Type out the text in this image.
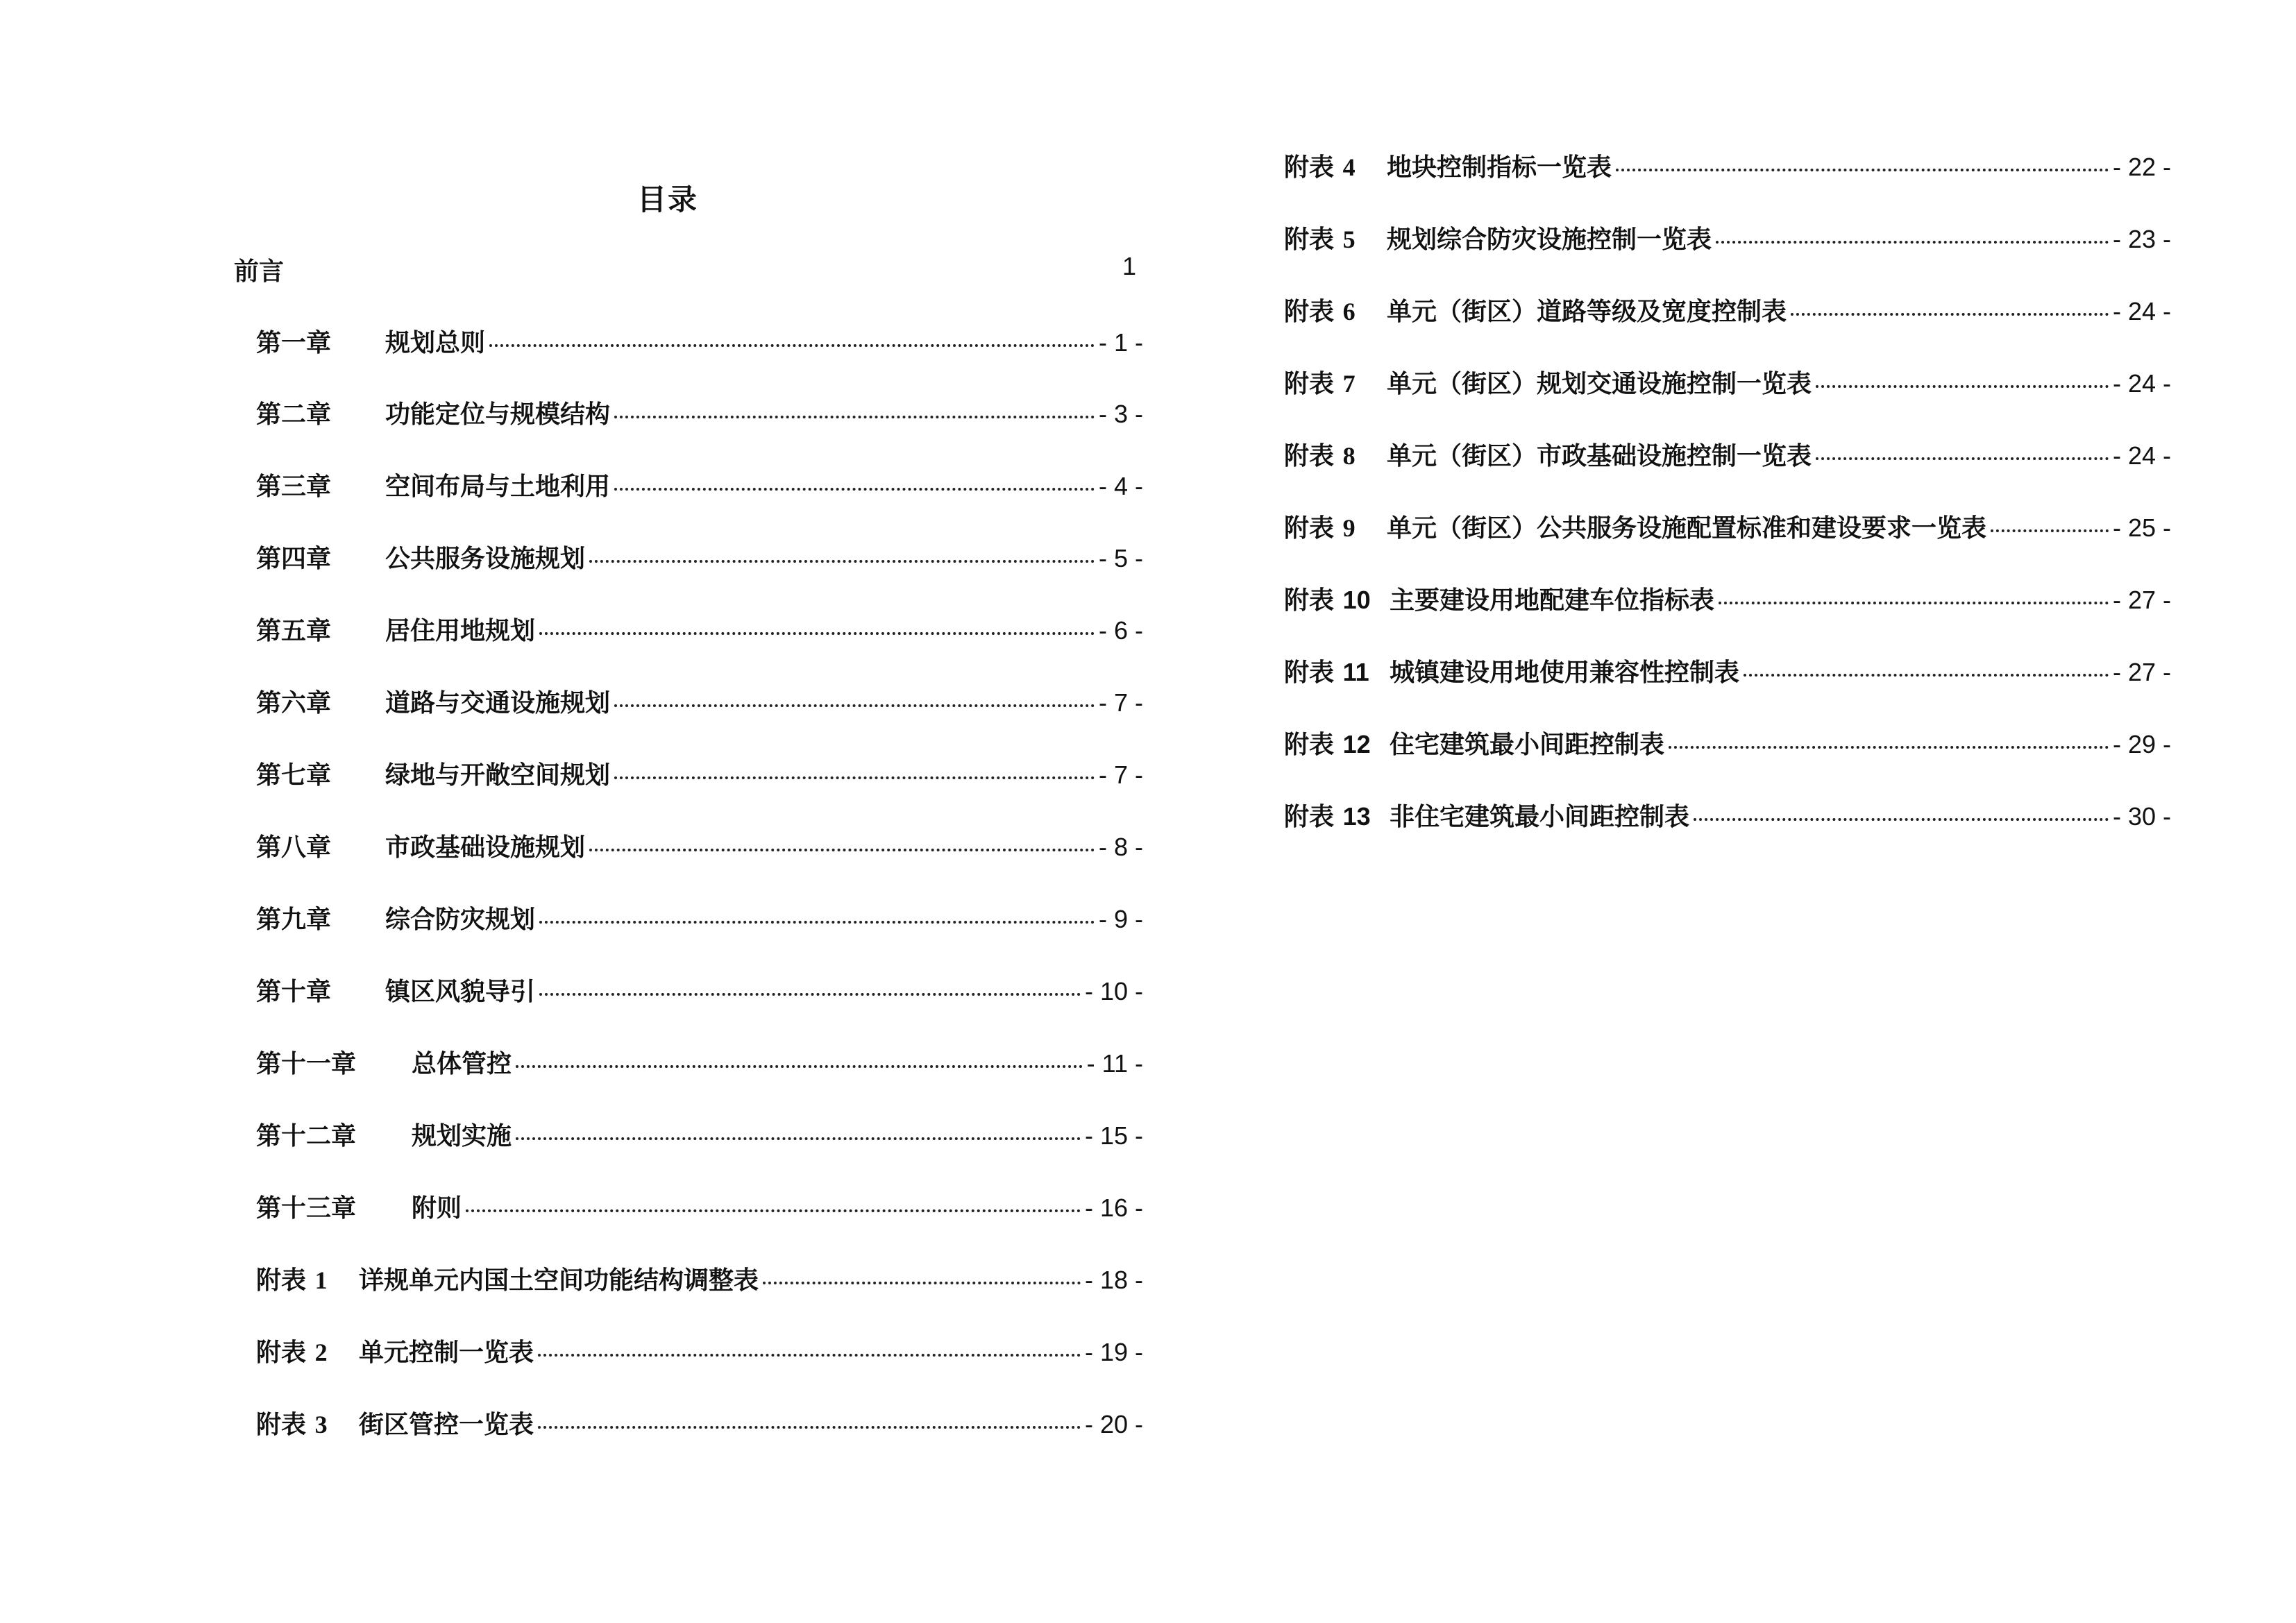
目录
前言	1
第一章	规划总则	- 1 -
第二章	功能定位与规模结构	- 3 -
第三章	空间布局与土地利用	- 4 -
第四章	公共服务设施规划	- 5 -
第五章	居住用地规划	- 6 -
第六章	道路与交通设施规划	- 7 -
第七章	绿地与开敞空间规划	- 7 -
第八章	市政基础设施规划	- 8 -
第九章	综合防灾规划	- 9 -
第十章	镇区风貌导引	- 10 -
第十一章	总体管控	- 11 -
第十二章	规划实施	- 15 -
第十三章	附则	- 16 -
附表 1	详规单元内国土空间功能结构调整表	- 18 -
附表 2	单元控制一览表	- 19 -
附表 3	街区管控一览表	- 20 -
附表 4	地块控制指标一览表	- 22 -
附表 5	规划综合防灾设施控制一览表	- 23 -
附表 6	单元（街区）道路等级及宽度控制表	- 24 -
附表 7	单元（街区）规划交通设施控制一览表	- 24 -
附表 8	单元（街区）市政基础设施控制一览表	- 24 -
附表 9	单元（街区）公共服务设施配置标准和建设要求一览表	- 25 -
附表 10 主要建设用地配建车位指标表	- 27 -
附表 11 城镇建设用地使用兼容性控制表	- 27 -
附表 12 住宅建筑最小间距控制表	- 29 -
附表 13 非住宅建筑最小间距控制表	- 30 -
